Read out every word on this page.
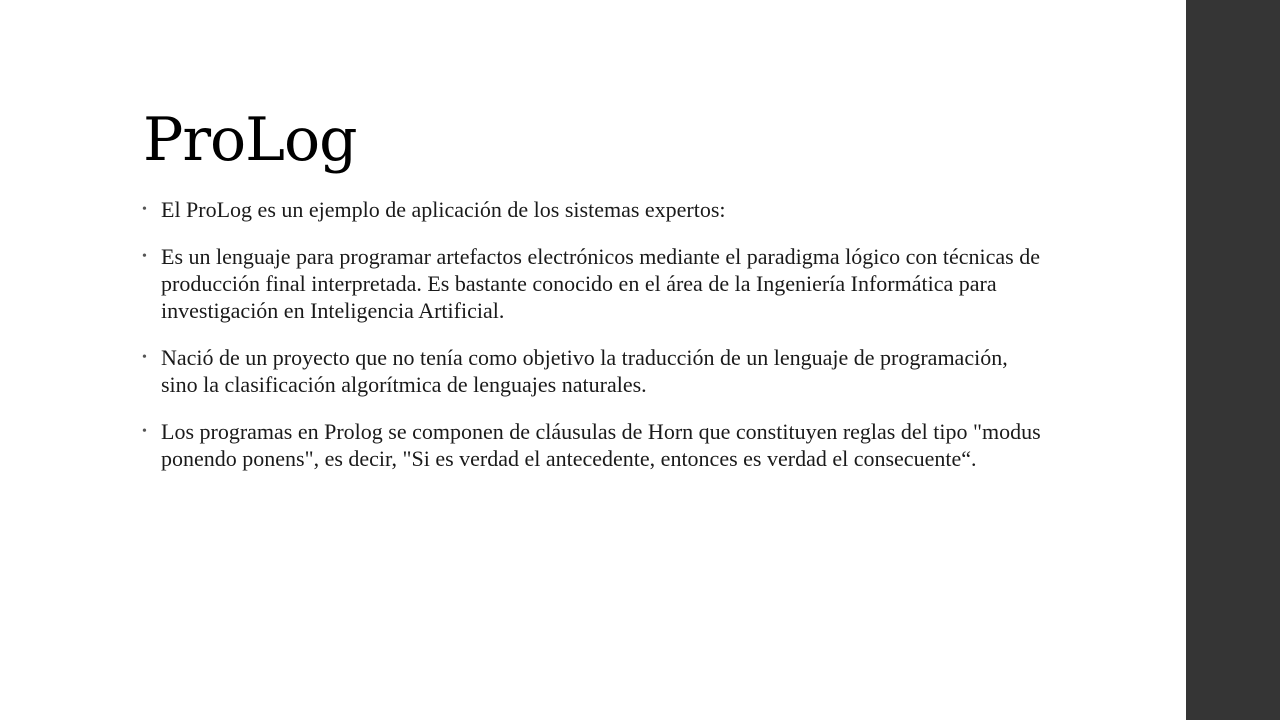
ProLog
• El ProLog es un ejemplo de aplicación de los sistemas expertos:
• Es un lenguaje para programar artefactos electrónicos mediante el paradigma lógico con técnicas de producción final interpretada. Es bastante conocido en el área de la Ingeniería Informática para investigación en Inteligencia Artificial.
• Nació de un proyecto que no tenía como objetivo la traducción de un lenguaje de programación, sino la clasificación algorítmica de lenguajes naturales.
• Los programas en Prolog se componen de cláusulas de Horn que constituyen reglas del tipo "modus ponendo ponens", es decir, "Si es verdad el antecedente, entonces es verdad el consecuente“.
